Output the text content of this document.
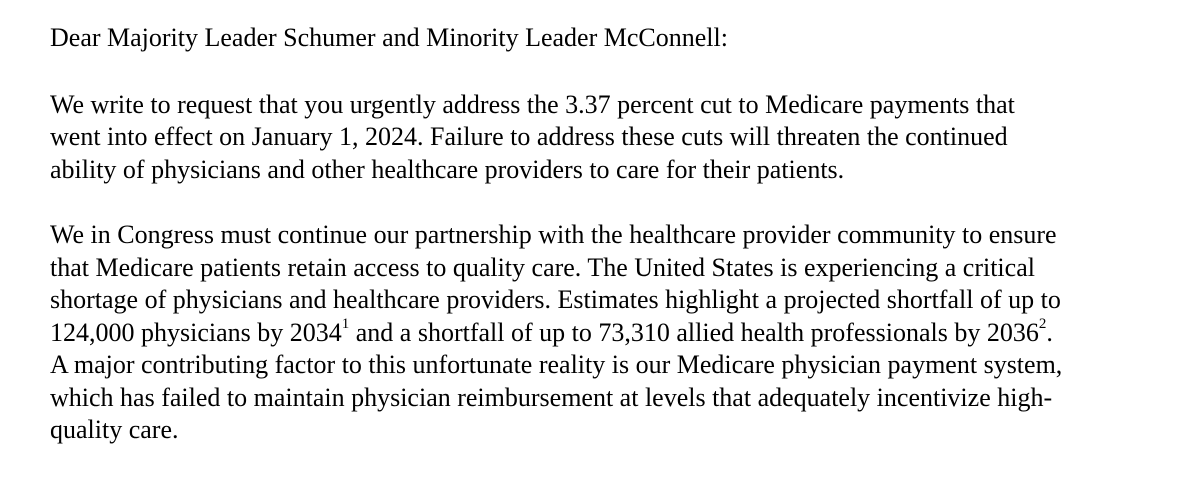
Dear Majority Leader Schumer and Minority Leader McConnell:

We write to request that you urgently address the 3.37 percent cut to Medicare payments that
went into effect on January 1, 2024. Failure to address these cuts will threaten the continued
ability of physicians and other healthcare providers to care for their patients.

We in Congress must continue our partnership with the healthcare provider community to ensure
that Medicare patients retain access to quality care. The United States is experiencing a critical
shortage of physicians and healthcare providers. Estimates highlight a projected shortfall of up to
124,000 physicians by 2034$^1$ and a shortfall of up to 73,310 allied health professionals by 2036$^2$.
A major contributing factor to this unfortunate reality is our Medicare physician payment system,
which has failed to maintain physician reimbursement at levels that adequately incentivize high-
quality care.
